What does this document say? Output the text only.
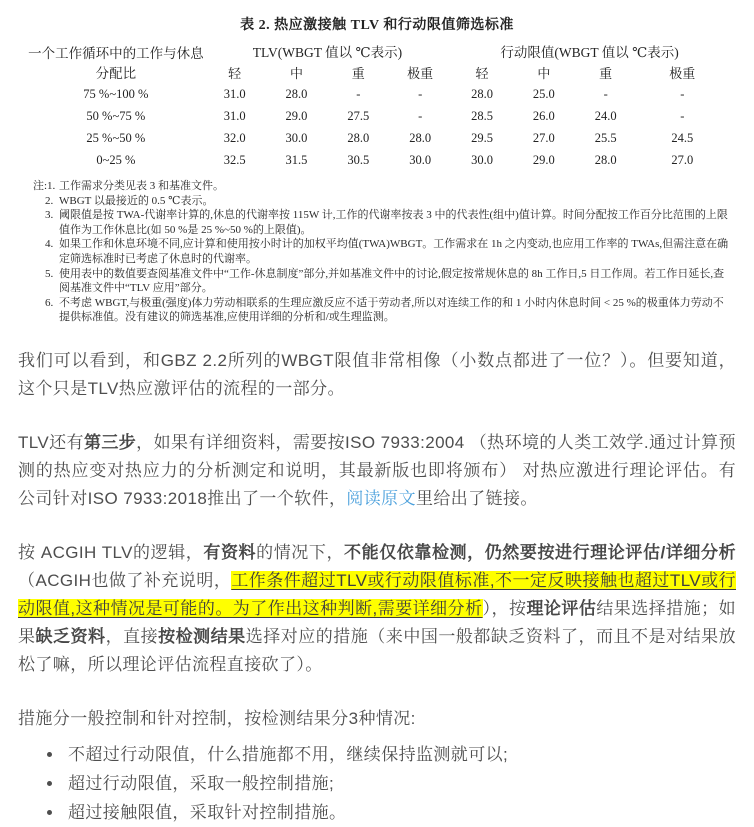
表 2. 热应激接触 TLV 和行动限值筛选标准
一个工作循环中的工作与休息分配比	TLV(WBGT 值以 ℃表示)				行动限值(WBGT 值以 ℃表示)			
	轻	中	重	极重	轻	中	重	极重
75 %~100 %	31.0	28.0	-	-	28.0	25.0	-	-
50 %~75 %	31.0	29.0	27.5	-	28.5	26.0	24.0	-
25 %~50 %	32.0	30.0	28.0	28.0	29.5	27.0	25.5	24.5
0~25 %	32.5	31.5	30.5	30.0	30.0	29.0	28.0	27.0
注:1. 工作需求分类见表 3 和基准文件。
2. WBGT 以最接近的 0.5 ℃表示。
3. 阈限值是按 TWA-代谢率计算的,休息的代谢率按 115W 计,工作的代谢率按表 3 中的代表性(组中)值计算。时间分配按工作百分比范围的上限值作为工作休息比(如 50 %是 25 %~50 %的上限值)。
4. 如果工作和休息环境不同,应计算和使用按小时计的加权平均值(TWA)WBGT。工作需求在 1h 之内变动,也应用工作率的 TWAs,但需注意在确定筛选标准时已考虑了休息时的代谢率。
5. 使用表中的数值要查阅基准文件中“工作-休息制度”部分,并如基准文件中的讨论,假定按常规休息的 8h 工作日,5 日工作周。若工作日延长,查阅基准文件中“TLV 应用”部分。
6. 不考虑 WBGT,与极重(强度)体力劳动相联系的生理应激反应不适于劳动者,所以对连续工作的和 1 小时内休息时间 < 25 %的极重体力劳动不提供标准值。没有建议的筛选基准,应使用详细的分析和/或生理监测。

我们可以看到，和GBZ 2.2所列的WBGT限值非常相像（小数点都进了一位？）。但要知道，这个只是TLV热应激评估的流程的一部分。

TLV还有第三步，如果有详细资料，需要按ISO 7933:2004 （热环境的人类工效学.通过计算预测的热应变对热应力的分析测定和说明，其最新版也即将颁布） 对热应激进行理论评估。有公司针对ISO 7933:2018推出了一个软件，阅读原文里给出了链接。

按 ACGIH TLV的逻辑，有资料的情况下，不能仅依靠检测，仍然要按进行理论评估/详细分析（ACGIH也做了补充说明，工作条件超过TLV或行动限值标准,不一定反映接触也超过TLV或行动限值,这种情况是可能的。为了作出这种判断,需要详细分析），按理论评估结果选择措施；如果缺乏资料，直接按检测结果选择对应的措施（来中国一般都缺乏资料了，而且不是对结果放松了嘛，所以理论评估流程直接砍了）。

措施分一般控制和针对控制，按检测结果分3种情况:

• 不超过行动限值，什么措施都不用，继续保持监测就可以;
• 超过行动限值，采取一般控制措施;
• 超过接触限值，采取针对控制措施。
